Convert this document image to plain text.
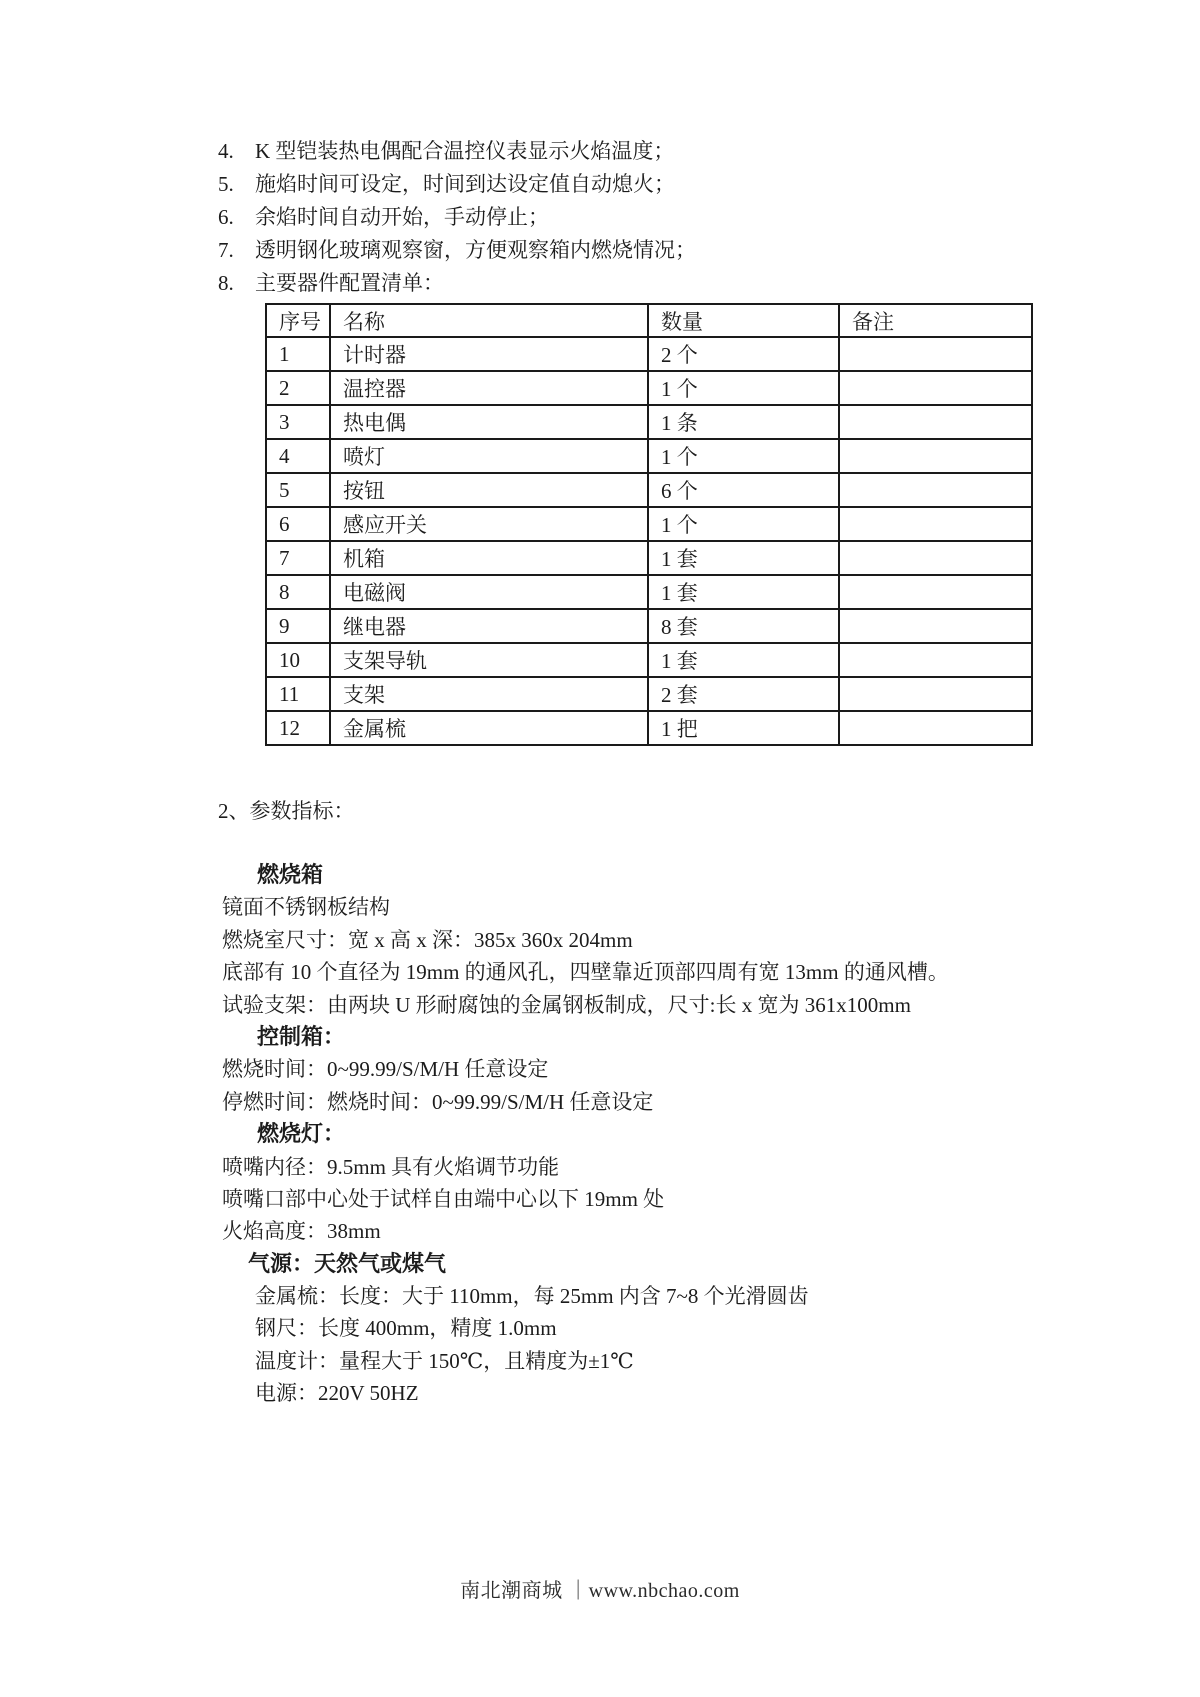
4.	K 型铠装热电偶配合温控仪表显示火焰温度；
5.	施焰时间可设定，时间到达设定值自动熄火；
6.	余焰时间自动开始，手动停止；
7.	透明钢化玻璃观察窗，方便观察箱内燃烧情况；
8.	主要器件配置清单：
序号	名称	数量	备注
1	计时器	2 个	
2	温控器	1 个	
3	热电偶	1 条	
4	喷灯	1 个	
5	按钮	6 个	
6	感应开关	1 个	
7	机箱	1 套	
8	电磁阀	1 套	
9	继电器	8 套	
10	支架导轨	1 套	
11	支架	2 套	
12	金属梳	1 把	
2、参数指标：
燃烧箱
镜面不锈钢板结构
燃烧室尺寸：宽 x 高 x 深：385x 360x 204mm
底部有 10 个直径为 19mm 的通风孔，四壁靠近顶部四周有宽 13mm 的通风槽。
试验支架：由两块 U 形耐腐蚀的金属钢板制成，尺寸:长 x 宽为 361x100mm
控制箱：
燃烧时间：0~99.99/S/M/H 任意设定
停燃时间：燃烧时间：0~99.99/S/M/H 任意设定
燃烧灯：
喷嘴内径：9.5mm 具有火焰调节功能
喷嘴口部中心处于试样自由端中心以下 19mm 处
火焰高度：38mm
气源：天然气或煤气
金属梳：长度：大于 110mm，每 25mm 内含 7~8 个光滑圆齿
钢尺：长度 400mm，精度 1.0mm
温度计：量程大于 150℃，且精度为±1℃
电源：220V 50HZ
南北潮商城 ｜www.nbchao.com
